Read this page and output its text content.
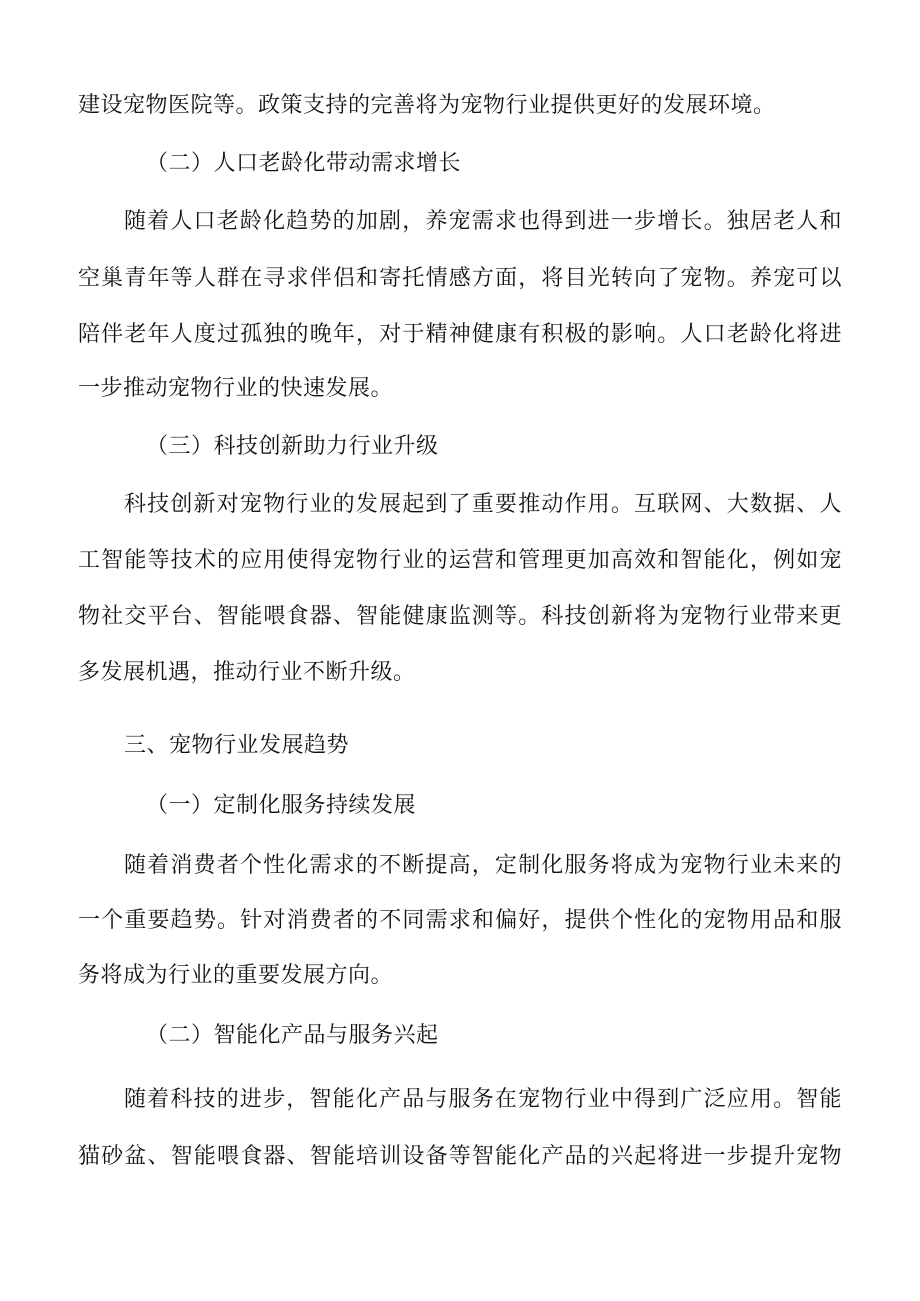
建设宠物医院等。政策支持的完善将为宠物行业提供更好的发展环境。
（二）人口老龄化带动需求增长
随着人口老龄化趋势的加剧，养宠需求也得到进一步增长。独居老人和
空巢青年等人群在寻求伴侣和寄托情感方面，将目光转向了宠物。养宠可以
陪伴老年人度过孤独的晚年，对于精神健康有积极的影响。人口老龄化将进
一步推动宠物行业的快速发展。
（三）科技创新助力行业升级
科技创新对宠物行业的发展起到了重要推动作用。互联网、大数据、人
工智能等技术的应用使得宠物行业的运营和管理更加高效和智能化，例如宠
物社交平台、智能喂食器、智能健康监测等。科技创新将为宠物行业带来更
多发展机遇，推动行业不断升级。
三、宠物行业发展趋势
（一）定制化服务持续发展
随着消费者个性化需求的不断提高，定制化服务将成为宠物行业未来的
一个重要趋势。针对消费者的不同需求和偏好，提供个性化的宠物用品和服
务将成为行业的重要发展方向。
（二）智能化产品与服务兴起
随着科技的进步，智能化产品与服务在宠物行业中得到广泛应用。智能
猫砂盆、智能喂食器、智能培训设备等智能化产品的兴起将进一步提升宠物
